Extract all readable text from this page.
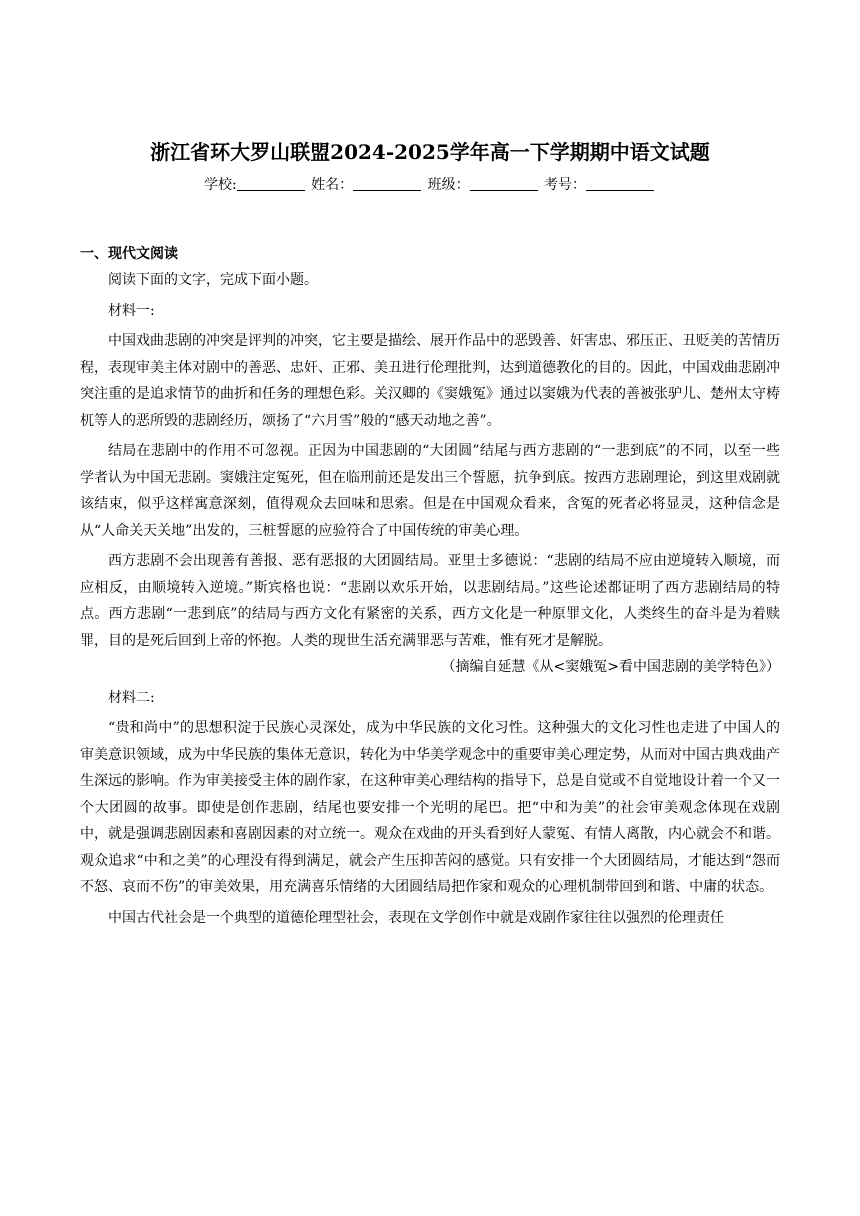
浙江省环大罗山联盟2024-2025学年高一下学期期中语文试题
学校:	姓名：	班级：	考号：
一、现代文阅读

阅读下面的文字，完成下面小题。

材料一:

中国戏曲悲剧的冲突是评判的冲突，它主要是描绘、展开作品中的恶毁善、奸害忠、邪压正、丑贬美的苦情历程，表现审美主体对剧中的善恶、忠奸、正邪、美丑进行伦理批判，达到道德教化的目的。因此，中国戏曲悲剧冲突注重的是追求情节的曲折和任务的理想色彩。关汉卿的《窦娥冤》通过以窦娥为代表的善被张驴儿、楚州太守梼杌等人的恶所毁的悲剧经历，颂扬了“六月雪”般的“感天动地之善”。

结局在悲剧中的作用不可忽视。正因为中国悲剧的“大团圆”结尾与西方悲剧的“一悲到底”的不同，以至一些学者认为中国无悲剧。窦娥注定冤死，但在临刑前还是发出三个誓愿，抗争到底。按西方悲剧理论，到这里戏剧就该结束，似乎这样寓意深刻，值得观众去回味和思索。但是在中国观众看来，含冤的死者必将显灵，这种信念是从“人命关天关地”出发的，三桩誓愿的应验符合了中国传统的审美心理。

西方悲剧不会出现善有善报、恶有恶报的大团圆结局。亚里士多德说：“悲剧的结局不应由逆境转入顺境，而应相反，由顺境转入逆境。”斯宾格也说：“悲剧以欢乐开始，以悲剧结局。”这些论述都证明了西方悲剧结局的特点。西方悲剧“一悲到底”的结局与西方文化有紧密的关系，西方文化是一种原罪文化，人类终生的奋斗是为着赎罪，目的是死后回到上帝的怀抱。人类的现世生活充满罪恶与苦难，惟有死才是解脱。

（摘编自延慧《从<窦娥冤>看中国悲剧的美学特色》）

材料二:

“贵和尚中”的思想积淀于民族心灵深处，成为中华民族的文化习性。这种强大的文化习性也走进了中国人的审美意识领域，成为中华民族的集体无意识，转化为中华美学观念中的重要审美心理定势，从而对中国古典戏曲产生深远的影响。作为审美接受主体的剧作家，在这种审美心理结构的指导下，总是自觉或不自觉地设计着一个又一个大团圆的故事。即使是创作悲剧，结尾也要安排一个光明的尾巴。把“中和为美”的社会审美观念体现在戏剧中，就是强调悲剧因素和喜剧因素的对立统一。观众在戏曲的开头看到好人蒙冤、有情人离散，内心就会不和谐。观众追求“中和之美”的心理没有得到满足，就会产生压抑苦闷的感觉。只有安排一个大团圆结局，才能达到“怨而不怒、哀而不伤”的审美效果，用充满喜乐情绪的大团圆结局把作家和观众的心理机制带回到和谐、中庸的状态。

中国古代社会是一个典型的道德伦理型社会，表现在文学创作中就是戏剧作家往往以强烈的伦理责任
